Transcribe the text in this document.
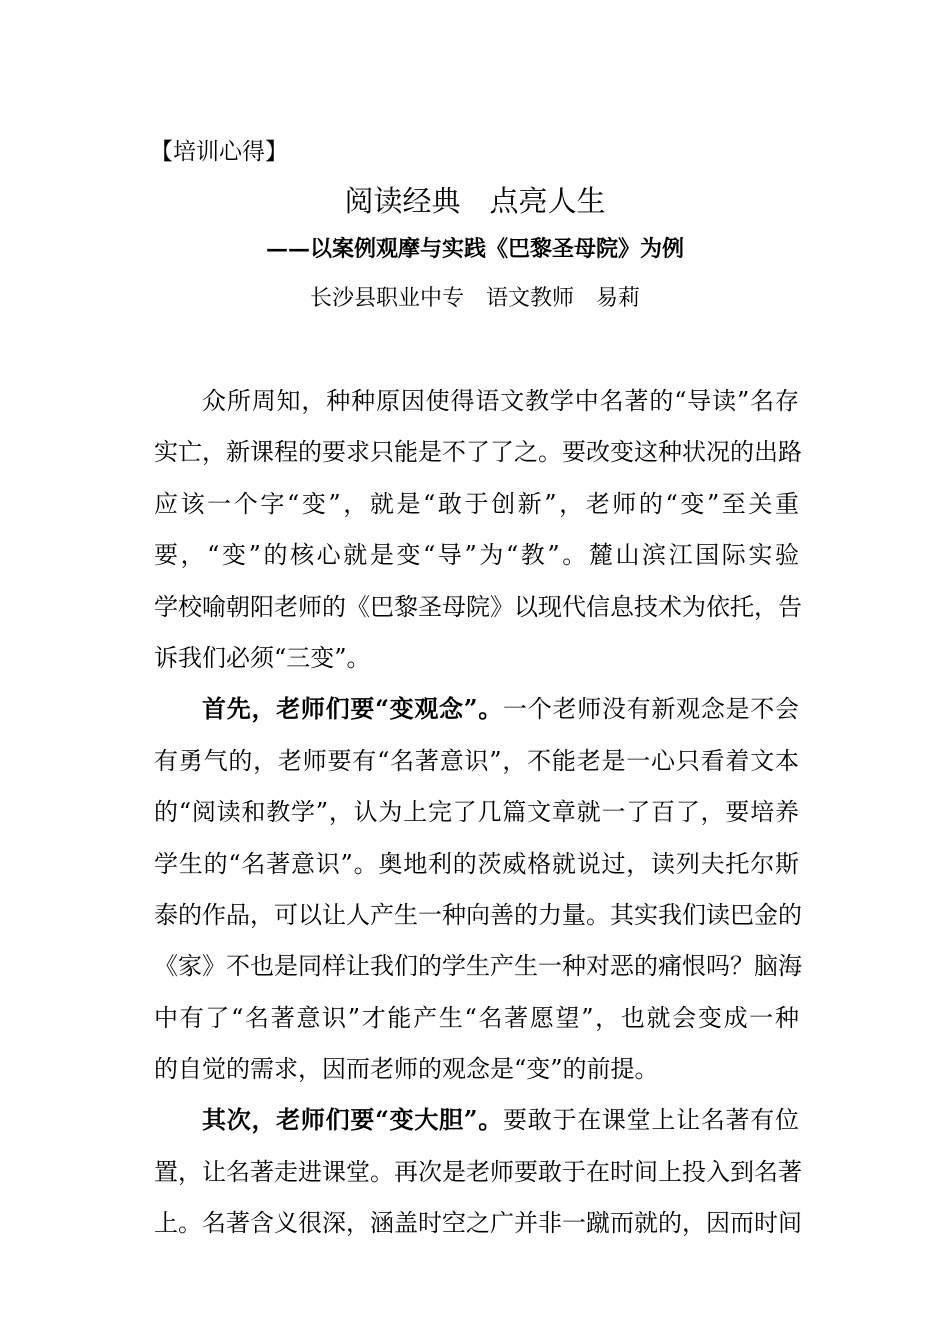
【培训心得】
阅读经典　点亮人生
——以案例观摩与实践《巴黎圣母院》为例
长沙县职业中专　语文教师　易莉
众所周知，种种原因使得语文教学中名著的“导读”名存
实亡，新课程的要求只能是不了了之。要改变这种状况的出路
应该一个字“变”，就是“敢于创新”，老师的“变”至关重
要，“变”的核心就是变“导”为“教”。麓山滨江国际实验
学校喻朝阳老师的《巴黎圣母院》以现代信息技术为依托，告
诉我们必须“三变”。
首先，老师们要“变观念”。一个老师没有新观念是不会
有勇气的，老师要有“名著意识”，不能老是一心只看着文本
的“阅读和教学”，认为上完了几篇文章就一了百了，要培养
学生的“名著意识”。奥地利的茨威格就说过，读列夫托尔斯
泰的作品，可以让人产生一种向善的力量。其实我们读巴金的
《家》不也是同样让我们的学生产生一种对恶的痛恨吗？脑海
中有了“名著意识”才能产生“名著愿望”，也就会变成一种
的自觉的需求，因而老师的观念是“变”的前提。
其次，老师们要“变大胆”。要敢于在课堂上让名著有位
置，让名著走进课堂。再次是老师要敢于在时间上投入到名著
上。名著含义很深，涵盖时空之广并非一蹴而就的，因而时间
